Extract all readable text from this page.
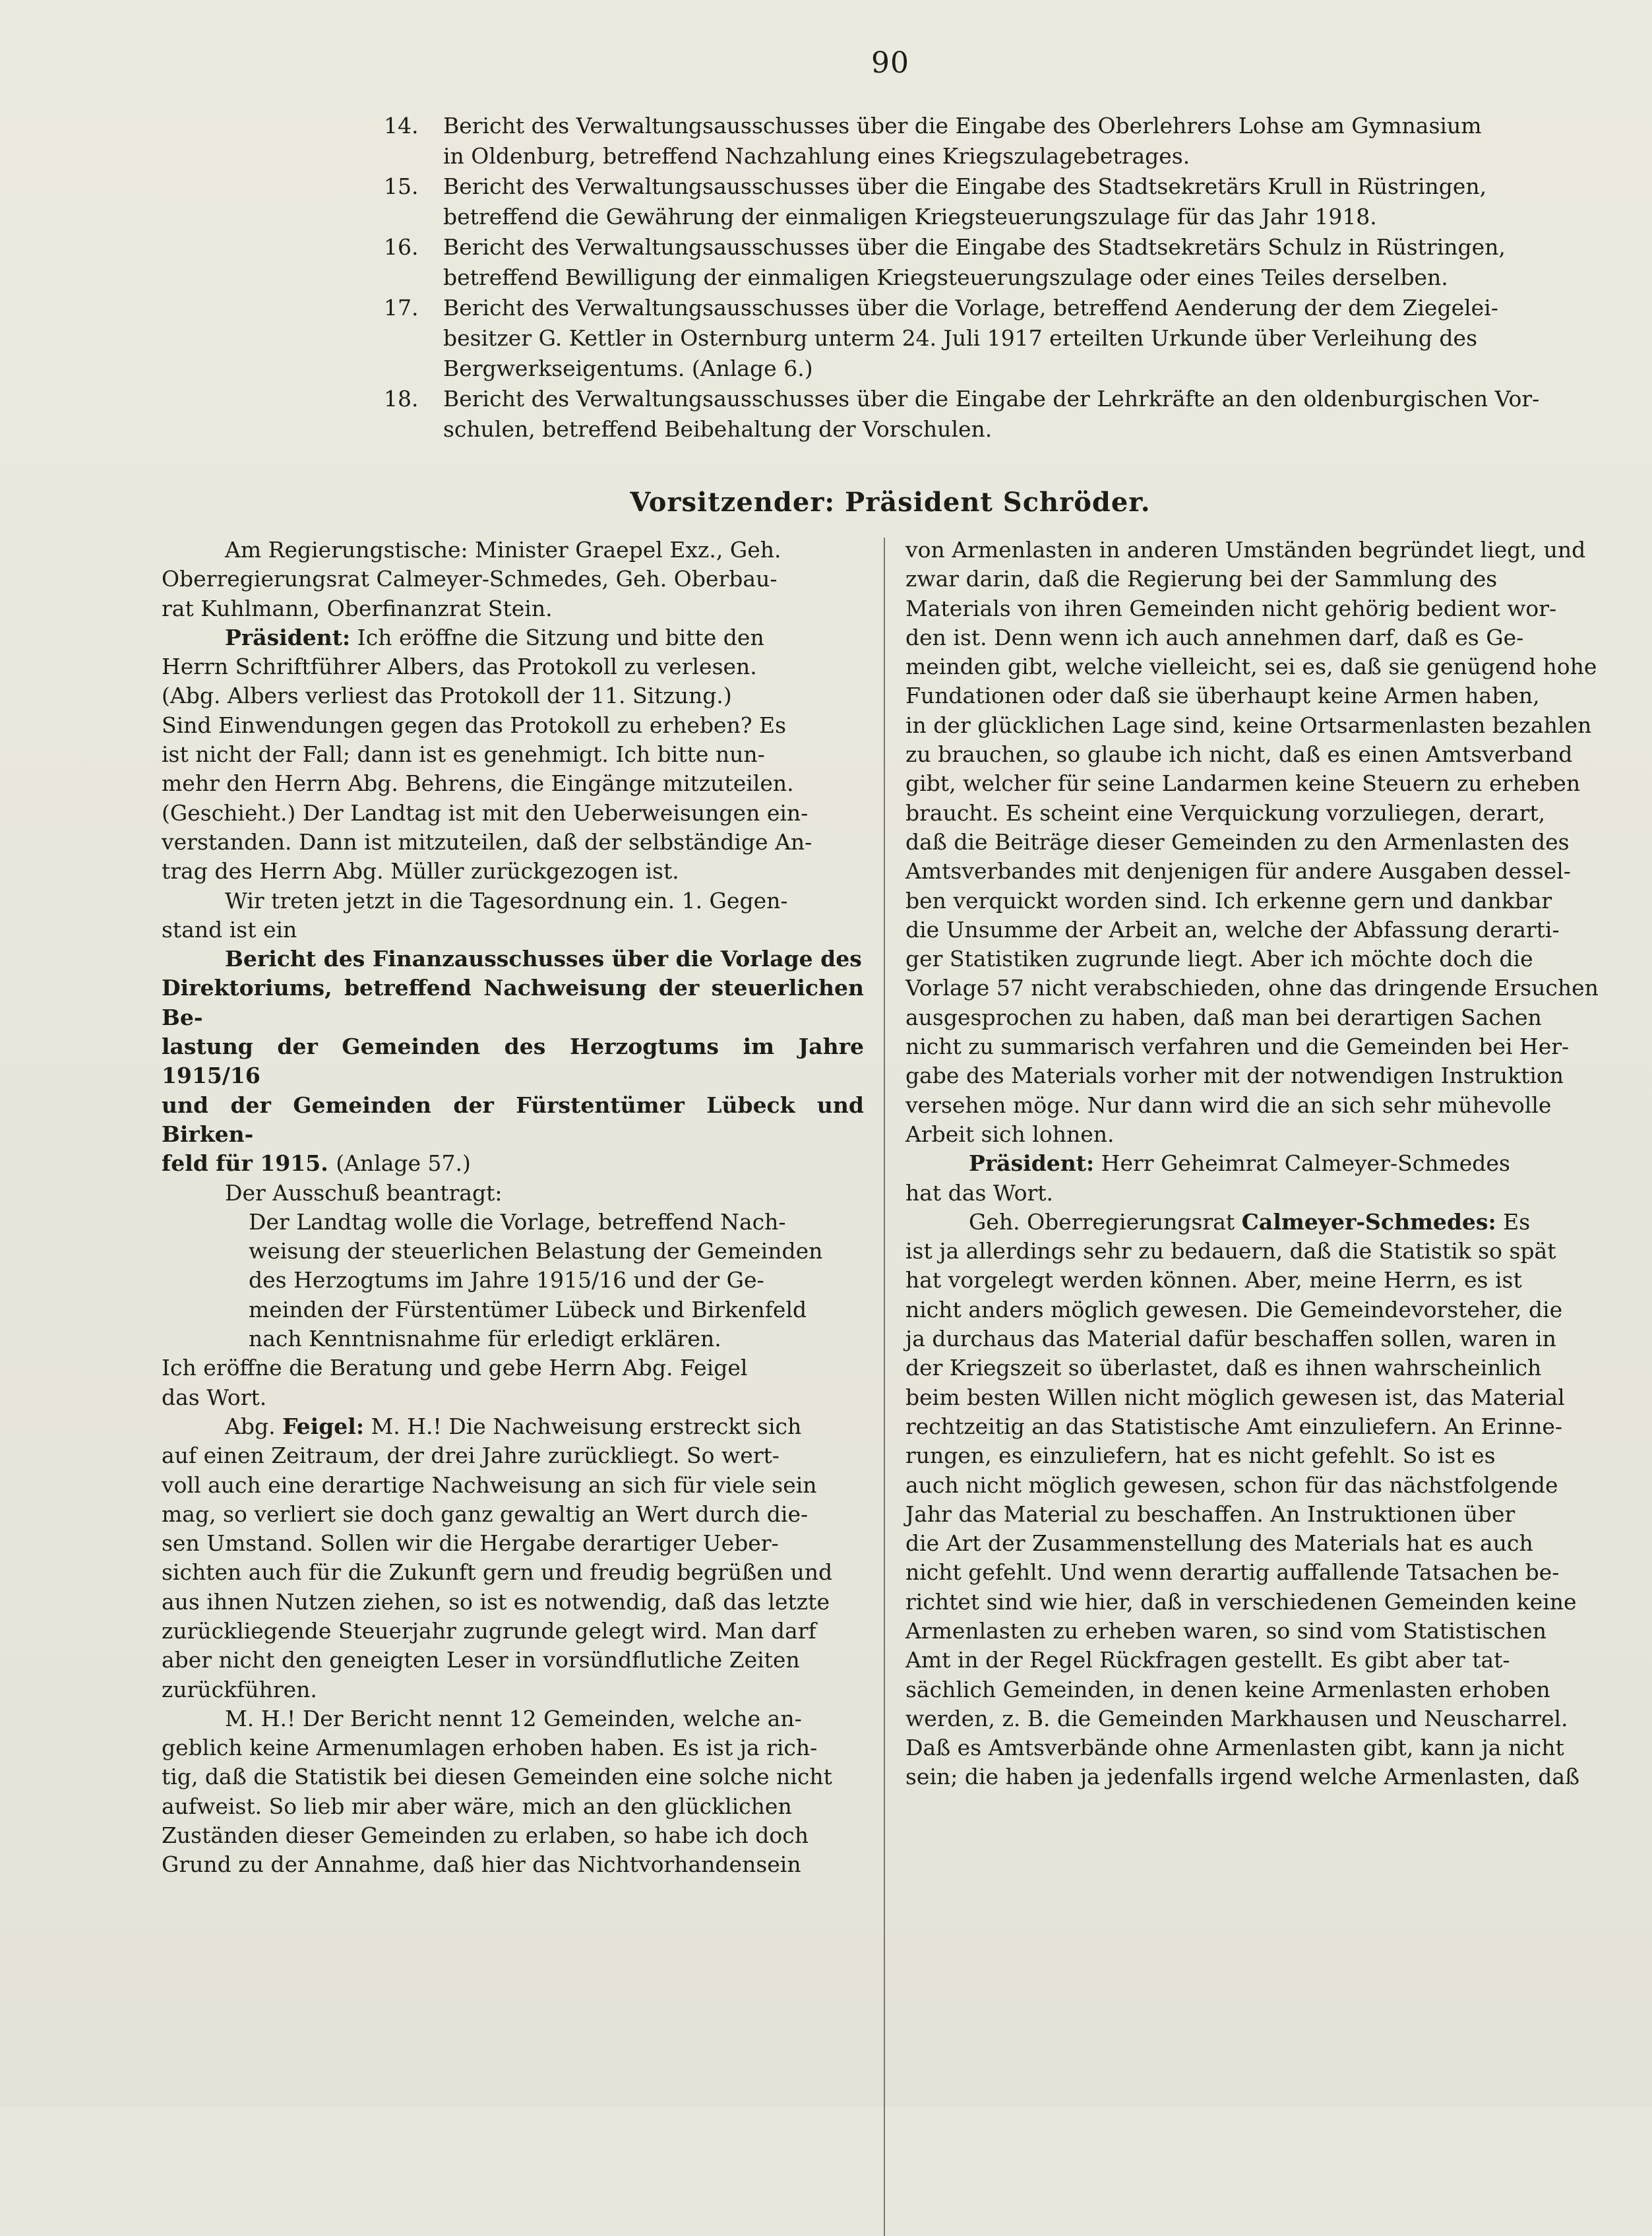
90
14.	Bericht des Verwaltungsausschusses über die Eingabe des Oberlehrers Lohse am Gymnasium
in Oldenburg, betreffend Nachzahlung eines Kriegszulagebetrages.

15.	Bericht des Verwaltungsausschusses über die Eingabe des Stadtsekretärs Krull in Rüstringen,
betreffend die Gewährung der einmaligen Kriegsteuerungszulage für das Jahr 1918.

16.	Bericht des Verwaltungsausschusses über die Eingabe des Stadtsekretärs Schulz in Rüstringen,
betreffend Bewilligung der einmaligen Kriegsteuerungszulage oder eines Teiles derselben.

17.	Bericht des Verwaltungsausschusses über die Vorlage, betreffend Aenderung der dem Ziegelei-
besitzer G. Kettler in Osternburg unterm 24. Juli 1917 erteilten Urkunde über Verleihung des
Bergwerkseigentums. (Anlage 6.)

18.	Bericht des Verwaltungsausschusses über die Eingabe der Lehrkräfte an den oldenburgischen Vor-
schulen, betreffend Beibehaltung der Vorschulen.

Vorsitzender: Präsident Schröder.

Am Regierungstische: Minister Graepel Exz., Geh.
Oberregierungsrat Calmeyer-Schmedes, Geh. Oberbau-
rat Kuhlmann, Oberfinanzrat Stein.

Präsident: Ich eröffne die Sitzung und bitte den
Herrn Schriftführer Albers, das Protokoll zu verlesen.
(Abg. Albers verliest das Protokoll der 11. Sitzung.)
Sind Einwendungen gegen das Protokoll zu erheben? Es
ist nicht der Fall; dann ist es genehmigt. Ich bitte nun-
mehr den Herrn Abg. Behrens, die Eingänge mitzuteilen.
(Geschieht.) Der Landtag ist mit den Ueberweisungen ein-
verstanden. Dann ist mitzuteilen, daß der selbständige An-
trag des Herrn Abg. Müller zurückgezogen ist.

Wir treten jetzt in die Tagesordnung ein. 1. Gegen-
stand ist ein

Bericht des Finanzausschusses über die Vorlage des
Direktoriums, betreffend Nachweisung der steuerlichen Be-
lastung der Gemeinden des Herzogtums im Jahre 1915/16
und der Gemeinden der Fürstentümer Lübeck und Birken-
feld für 1915. (Anlage 57.)

Der Ausschuß beantragt:

Der Landtag wolle die Vorlage, betreffend Nach-
weisung der steuerlichen Belastung der Gemeinden
des Herzogtums im Jahre 1915/16 und der Ge-
meinden der Fürstentümer Lübeck und Birkenfeld
nach Kenntnisnahme für erledigt erklären.

Ich eröffne die Beratung und gebe Herrn Abg. Feigel
das Wort.

Abg. Feigel: M. H.! Die Nachweisung erstreckt sich
auf einen Zeitraum, der drei Jahre zurückliegt. So wert-
voll auch eine derartige Nachweisung an sich für viele sein
mag, so verliert sie doch ganz gewaltig an Wert durch die-
sen Umstand. Sollen wir die Hergabe derartiger Ueber-
sichten auch für die Zukunft gern und freudig begrüßen und
aus ihnen Nutzen ziehen, so ist es notwendig, daß das letzte
zurückliegende Steuerjahr zugrunde gelegt wird. Man darf
aber nicht den geneigten Leser in vorsündflutliche Zeiten
zurückführen.

M. H.! Der Bericht nennt 12 Gemeinden, welche an-
geblich keine Armenumlagen erhoben haben. Es ist ja rich-
tig, daß die Statistik bei diesen Gemeinden eine solche nicht
aufweist. So lieb mir aber wäre, mich an den glücklichen
Zuständen dieser Gemeinden zu erlaben, so habe ich doch
Grund zu der Annahme, daß hier das Nichtvorhandensein

von Armenlasten in anderen Umständen begründet liegt, und
zwar darin, daß die Regierung bei der Sammlung des
Materials von ihren Gemeinden nicht gehörig bedient wor-
den ist. Denn wenn ich auch annehmen darf, daß es Ge-
meinden gibt, welche vielleicht, sei es, daß sie genügend hohe
Fundationen oder daß sie überhaupt keine Armen haben,
in der glücklichen Lage sind, keine Ortsarmenlasten bezahlen
zu brauchen, so glaube ich nicht, daß es einen Amtsverband
gibt, welcher für seine Landarmen keine Steuern zu erheben
braucht. Es scheint eine Verquickung vorzuliegen, derart,
daß die Beiträge dieser Gemeinden zu den Armenlasten des
Amtsverbandes mit denjenigen für andere Ausgaben dessel-
ben verquickt worden sind. Ich erkenne gern und dankbar
die Unsumme der Arbeit an, welche der Abfassung derarti-
ger Statistiken zugrunde liegt. Aber ich möchte doch die
Vorlage 57 nicht verabschieden, ohne das dringende Ersuchen
ausgesprochen zu haben, daß man bei derartigen Sachen
nicht zu summarisch verfahren und die Gemeinden bei Her-
gabe des Materials vorher mit der notwendigen Instruktion
versehen möge. Nur dann wird die an sich sehr mühevolle
Arbeit sich lohnen.

Präsident: Herr Geheimrat Calmeyer-Schmedes
hat das Wort.

Geh. Oberregierungsrat Calmeyer-Schmedes: Es
ist ja allerdings sehr zu bedauern, daß die Statistik so spät
hat vorgelegt werden können. Aber, meine Herrn, es ist
nicht anders möglich gewesen. Die Gemeindevorsteher, die
ja durchaus das Material dafür beschaffen sollen, waren in
der Kriegszeit so überlastet, daß es ihnen wahrscheinlich
beim besten Willen nicht möglich gewesen ist, das Material
rechtzeitig an das Statistische Amt einzuliefern. An Erinne-
rungen, es einzuliefern, hat es nicht gefehlt. So ist es
auch nicht möglich gewesen, schon für das nächstfolgende
Jahr das Material zu beschaffen. An Instruktionen über
die Art der Zusammenstellung des Materials hat es auch
nicht gefehlt. Und wenn derartig auffallende Tatsachen be-
richtet sind wie hier, daß in verschiedenen Gemeinden keine
Armenlasten zu erheben waren, so sind vom Statistischen
Amt in der Regel Rückfragen gestellt. Es gibt aber tat-
sächlich Gemeinden, in denen keine Armenlasten erhoben
werden, z. B. die Gemeinden Markhausen und Neuscharrel.
Daß es Amtsverbände ohne Armenlasten gibt, kann ja nicht
sein; die haben ja jedenfalls irgend welche Armenlasten, daß
